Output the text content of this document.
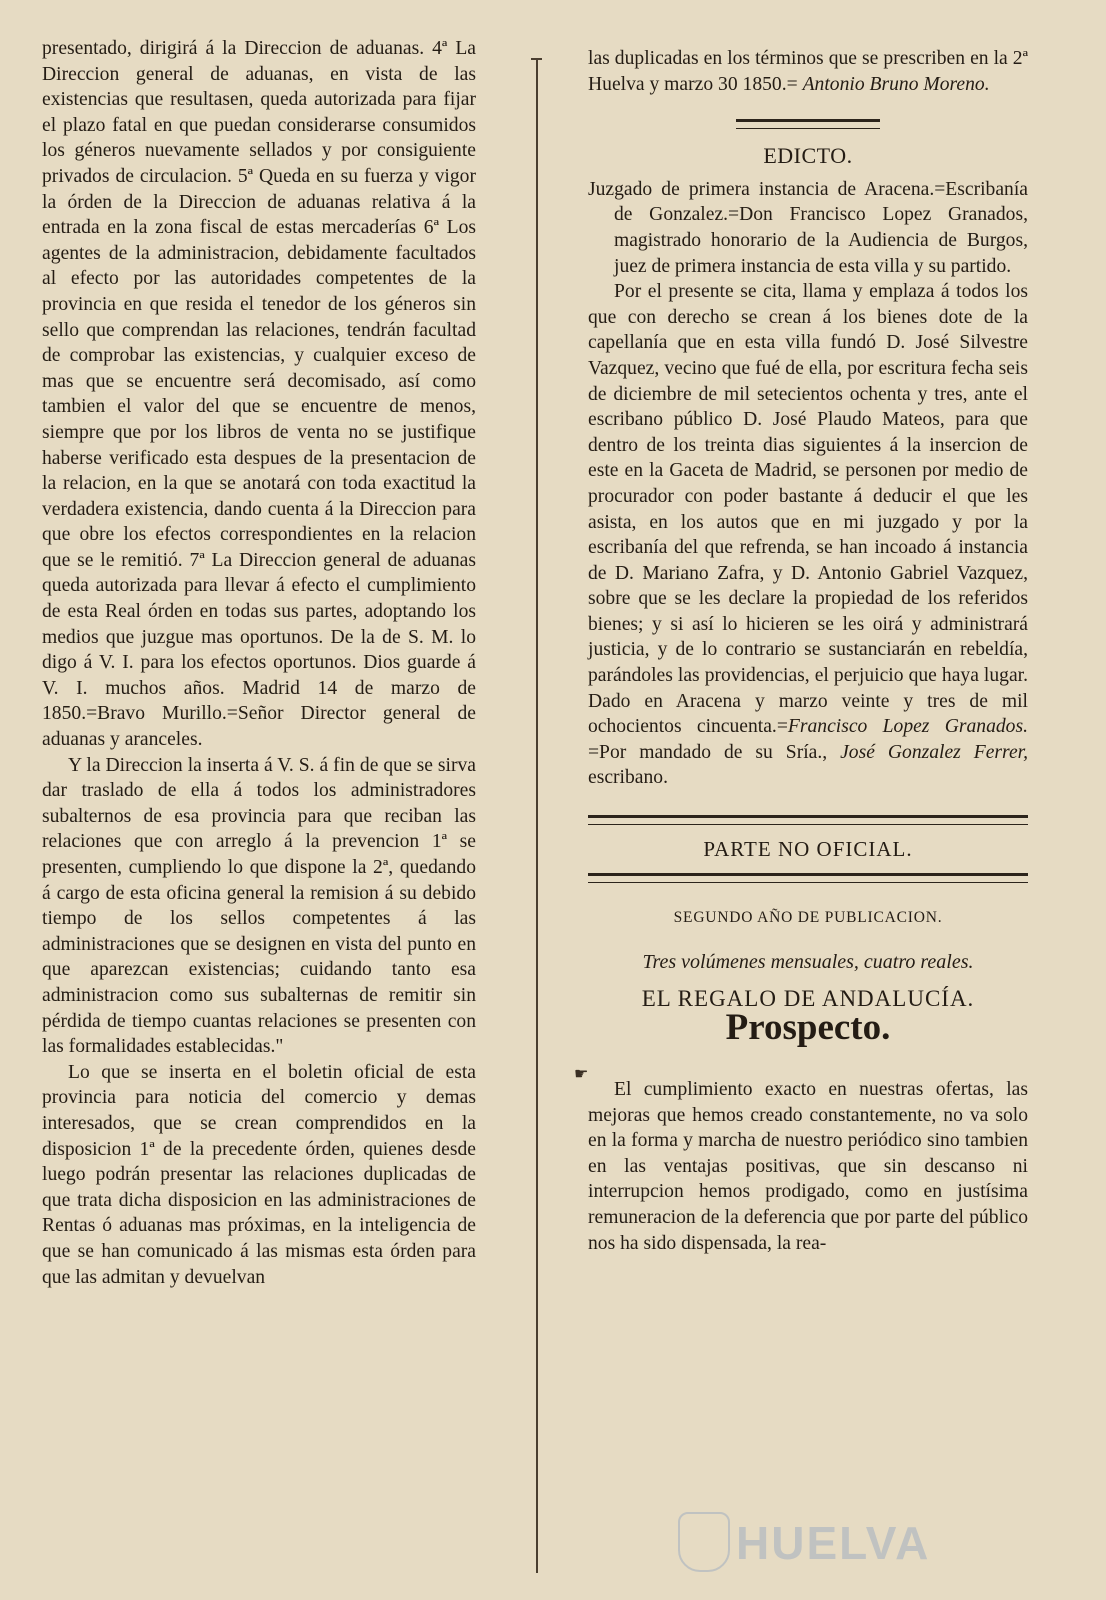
presentado, dirigirá á la Direccion de aduanas. 4ª La Direccion general de aduanas, en vista de las existencias que resultasen, queda autorizada para fijar el plazo fatal en que puedan considerarse consumidos los géneros nuevamente sellados y por consiguiente privados de circulacion. 5ª Queda en su fuerza y vigor la órden de la Direccion de aduanas relativa á la entrada en la zona fiscal de estas mercaderías 6ª Los agentes de la administracion, debidamente facultados al efecto por las autoridades competentes de la provincia en que resida el tenedor de los géneros sin sello que comprendan las relaciones, tendrán facultad de comprobar las existencias, y cualquier exceso de mas que se encuentre será decomisado, así como tambien el valor del que se encuentre de menos, siempre que por los libros de venta no se justifique haberse verificado esta despues de la presentacion de la relacion, en la que se anotará con toda exactitud la verdadera existencia, dando cuenta á la Direccion para que obre los efectos correspondientes en la relacion que se le remitió. 7ª La Direccion general de aduanas queda autorizada para llevar á efecto el cumplimiento de esta Real órden en todas sus partes, adoptando los medios que juzgue mas oportunos. De la de S. M. lo digo á V. I. para los efectos oportunos. Dios guarde á V. I. muchos años. Madrid 14 de marzo de 1850.=Bravo Murillo.=Señor Director general de aduanas y aranceles.

Y la Direccion la inserta á V. S. á fin de que se sirva dar traslado de ella á todos los administradores subalternos de esa provincia para que reciban las relaciones que con arreglo á la prevencion 1ª se presenten, cumpliendo lo que dispone la 2ª, quedando á cargo de esta oficina general la remision á su debido tiempo de los sellos competentes á las administraciones que se designen en vista del punto en que aparezcan existencias; cuidando tanto esa administracion como sus subalternas de remitir sin pérdida de tiempo cuantas relaciones se presenten con las formalidades establecidas."

Lo que se inserta en el boletin oficial de esta provincia para noticia del comercio y demas interesados, que se crean comprendidos en la disposicion 1ª de la precedente órden, quienes desde luego podrán presentar las relaciones duplicadas de que trata dicha disposicion en las administraciones de Rentas ó aduanas mas próximas, en la inteligencia de que se han comunicado á las mismas esta órden para que las admitan y devuelvan

las duplicadas en los términos que se prescriben en la 2ª Huelva y marzo 30 1850.= Antonio Bruno Moreno.

EDICTO.

Juzgado de primera instancia de Aracena.=Escribanía de Gonzalez.=Don Francisco Lopez Granados, magistrado honorario de la Audiencia de Burgos, juez de primera instancia de esta villa y su partido.

Por el presente se cita, llama y emplaza á todos los que con derecho se crean á los bienes dote de la capellanía que en esta villa fundó D. José Silvestre Vazquez, vecino que fué de ella, por escritura fecha seis de diciembre de mil setecientos ochenta y tres, ante el escribano público D. José Plaudo Mateos, para que dentro de los treinta dias siguientes á la insercion de este en la Gaceta de Madrid, se personen por medio de procurador con poder bastante á deducir el que les asista, en los autos que en mi juzgado y por la escribanía del que refrenda, se han incoado á instancia de D. Mariano Zafra, y D. Antonio Gabriel Vazquez, sobre que se les declare la propiedad de los referidos bienes; y si así lo hicieren se les oirá y administrará justicia, y de lo contrario se sustanciarán en rebeldía, parándoles las providencias, el perjuicio que haya lugar. Dado en Aracena y marzo veinte y tres de mil ochocientos cincuenta.=Francisco Lopez Granados. =Por mandado de su Sría., José Gonzalez Ferrer, escribano.

PARTE NO OFICIAL.
SEGUNDO AÑO DE PUBLICACION.
Tres volúmenes mensuales, cuatro reales.
EL REGALO DE ANDALUCÍA.
Prospecto.

El cumplimiento exacto en nuestras ofertas, las mejoras que hemos creado constantemente, no va solo en la forma y marcha de nuestro periódico sino tambien en las ventajas positivas, que sin descanso ni interrupcion hemos prodigado, como en justísima remuneracion de la deferencia que por parte del público nos ha sido dispensada, la rea-

☛
HUELVA
